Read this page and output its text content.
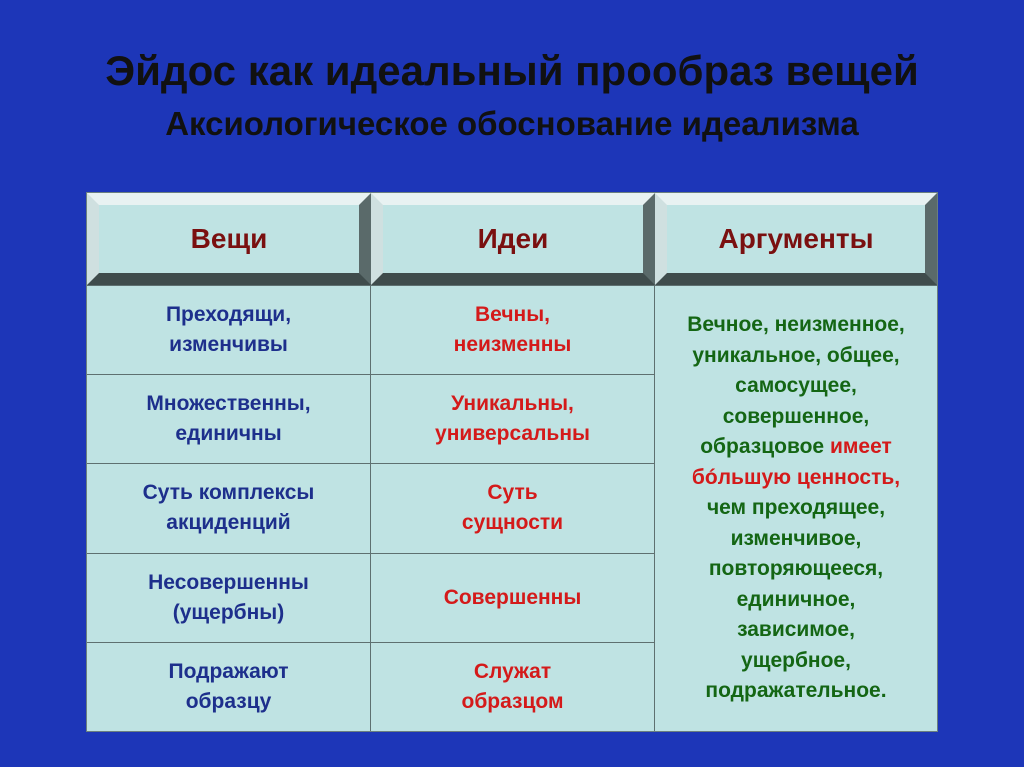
Эйдос как идеальный прообраз вещей
Аксиологическое обоснование идеализма
Вещи	Идеи	Аргументы
Преходящи,
изменчивы
Вечны,
неизменны
Множественны,
единичны
Уникальны,
универсальны
Суть комплексы
акциденций
Суть
сущности
Несовершенны
(ущербны)
Совершенны
Подражают
образцу
Служат
образцом
Вечное, неизменное,
уникальное, общее,
самосущее,
совершенное,
образцовое имеет
бóльшую ценность,
чем преходящее,
изменчивое,
повторяющееся,
единичное,
зависимое,
ущербное,
подражательное.
